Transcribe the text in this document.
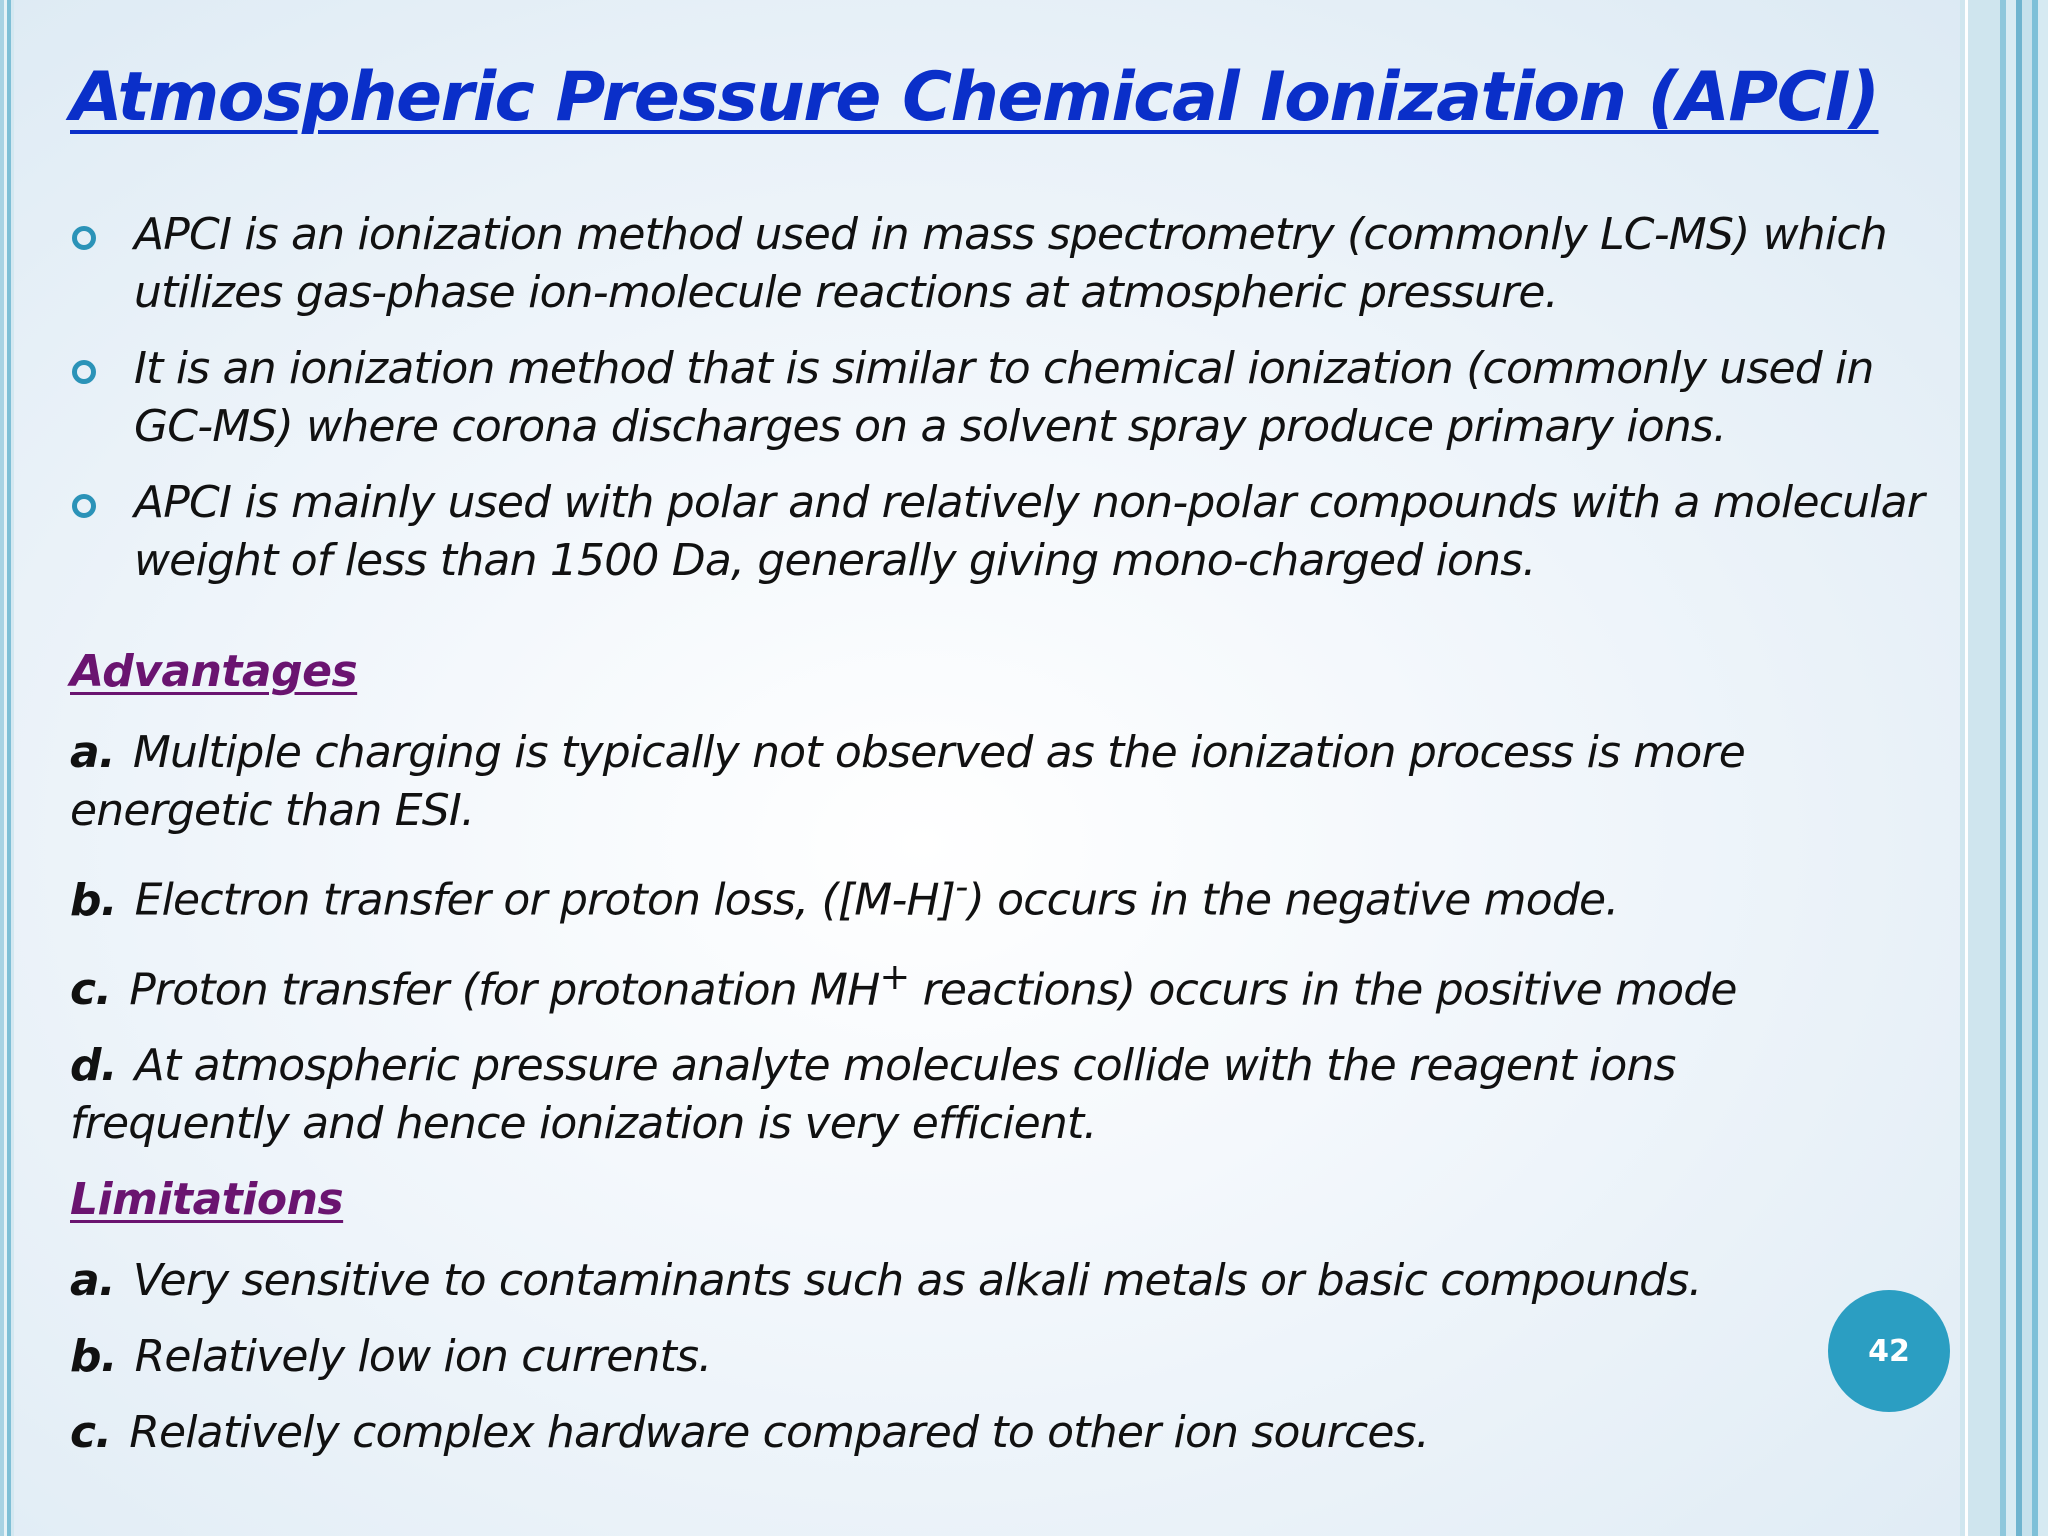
Atmospheric Pressure Chemical Ionization (APCI)
APCI is an ionization method used in mass spectrometry (commonly LC-MS) which utilizes gas-phase ion-molecule reactions at atmospheric pressure.
It is an ionization method that is similar to chemical ionization (commonly used in GC-MS) where corona discharges on a solvent spray produce primary ions.
APCI is mainly used with polar and relatively non-polar compounds with a molecular weight of less than 1500 Da, generally giving mono-charged ions.
Advantages
a. Multiple charging is typically not observed as the ionization process is more energetic than ESI.
b. Electron transfer or proton loss, ([M-H]-) occurs in the negative mode.
c. Proton transfer (for protonation MH+ reactions) occurs in the positive mode
d. At atmospheric pressure analyte molecules collide with the reagent ions frequently and hence ionization is very efficient.
Limitations
a. Very sensitive to contaminants such as alkali metals or basic compounds.
b. Relatively low ion currents.
c. Relatively complex hardware compared to other ion sources.
42
